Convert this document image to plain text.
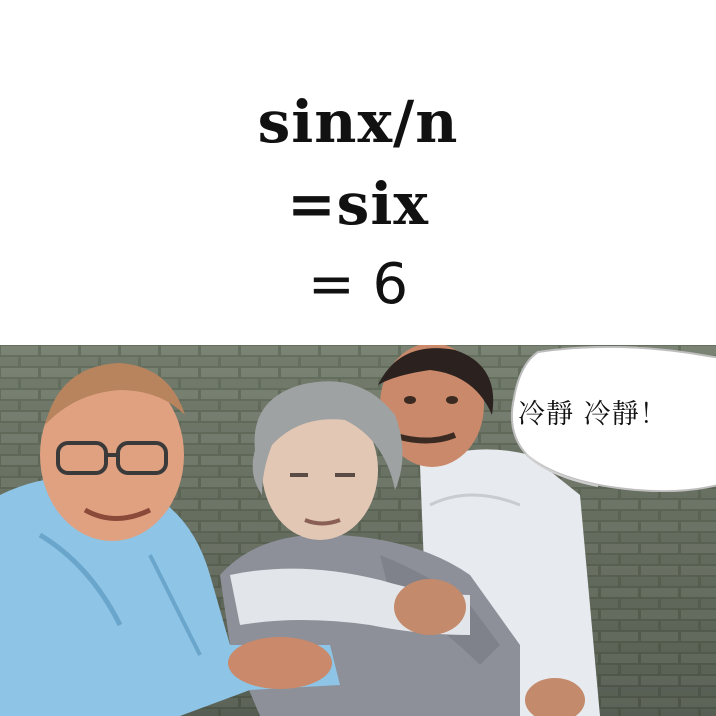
sinx/n
=six
= 6
冷靜 冷靜！
